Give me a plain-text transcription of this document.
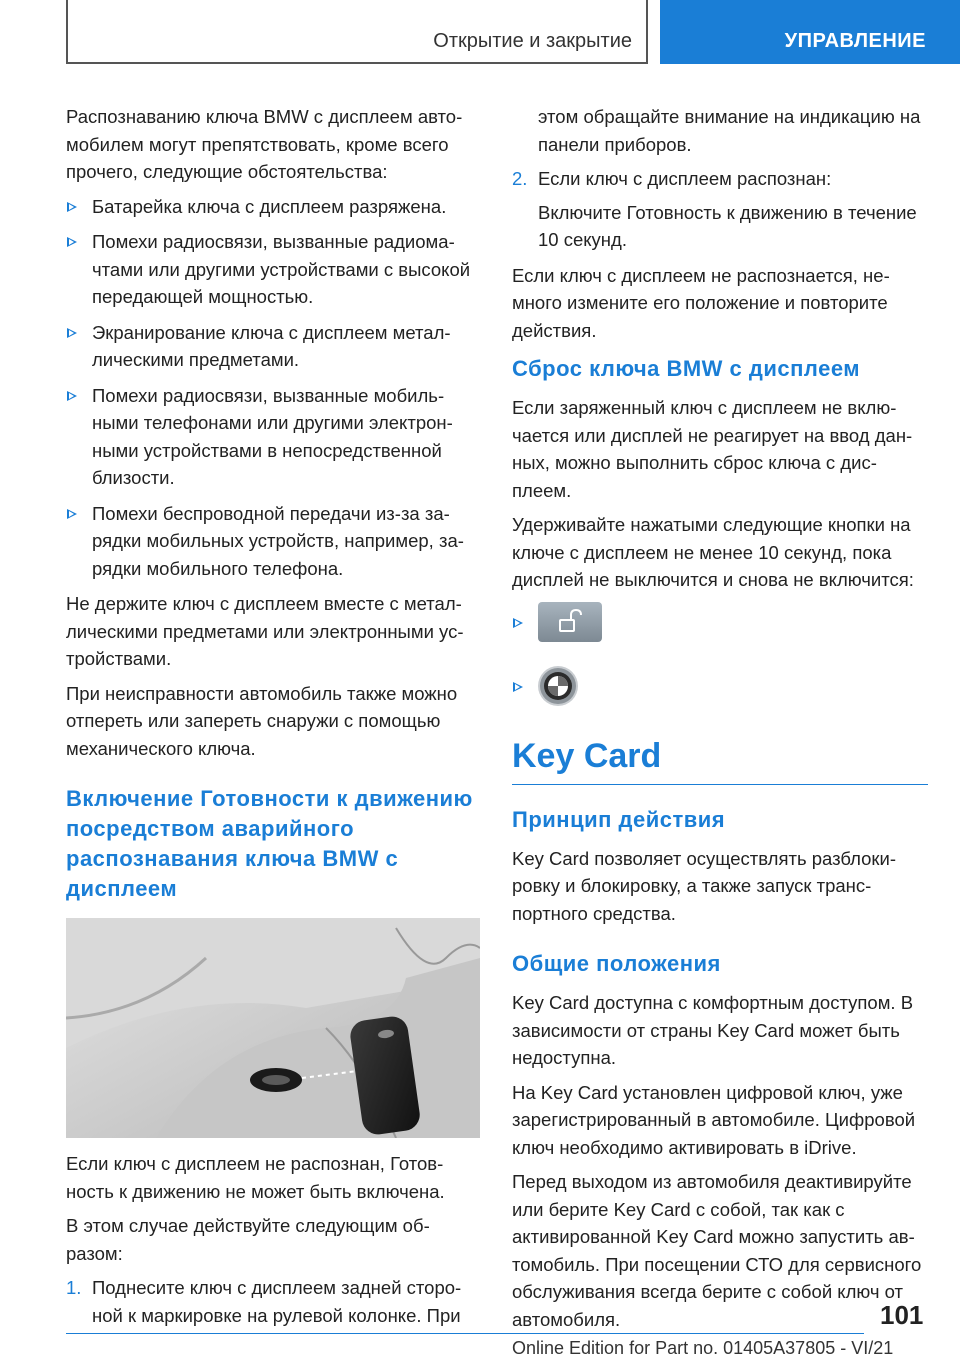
Открытие и закрытие	УПРАВЛЕНИЕ

Распознаванию ключа BMW с дисплеем автомобилем могут препятствовать, кроме всего прочего, следующие обстоятельства:

Батарейка ключа с дисплеем разряжена.
Помехи радиосвязи, вызванные радиомачтами или другими устройствами с высокой передающей мощностью.
Экранирование ключа с дисплеем металлическими предметами.
Помехи радиосвязи, вызванные мобильными телефонами или другими электронными устройствами в непосредственной близости.
Помехи беспроводной передачи из-за зарядки мобильных устройств, например, зарядки мобильного телефона.

Не держите ключ с дисплеем вместе с металлическими предметами или электронными устройствами.

При неисправности автомобиль также можно отпереть или запереть снаружи с помощью механического ключа.

Включение Готовности к движению посредством аварийного распознавания ключа BMW с дисплеем

Если ключ с дисплеем не распознан, Готовность к движению не может быть включена.

В этом случае действуйте следующим образом:

1. Поднесите ключ с дисплеем задней стороной к маркировке на рулевой колонке. При

этом обращайте внимание на индикацию на панели приборов.

2. Если ключ с дисплеем распознан:
Включите Готовность к движению в течение 10 секунд.

Если ключ с дисплеем не распознается, немного измените его положение и повторите действия.

Сброс ключа BMW с дисплеем

Если заряженный ключ с дисплеем не включается или дисплей не реагирует на ввод данных, можно выполнить сброс ключа с дисплеем.

Удерживайте нажатыми следующие кнопки на ключе с дисплеем не менее 10 секунд, пока дисплей не выключится и снова не включится:

Key Card
Принцип действия

Key Card позволяет осуществлять разблокировку и блокировку, а также запуск транспортного средства.

Общие положения

Key Card доступна с комфортным доступом. В зависимости от страны Key Card может быть недоступна.

На Key Card установлен цифровой ключ, уже зарегистрированный в автомобиле. Цифровой ключ необходимо активировать в iDrive.

Перед выходом из автомобиля деактивируйте или берите Key Card с собой, так как с активированной Key Card можно запустить автомобиль. При посещении СТО для сервисного обслуживания всегда берите с собой ключ от автомобиля.	101
Online Edition for Part no. 01405A37805 - VI/21
